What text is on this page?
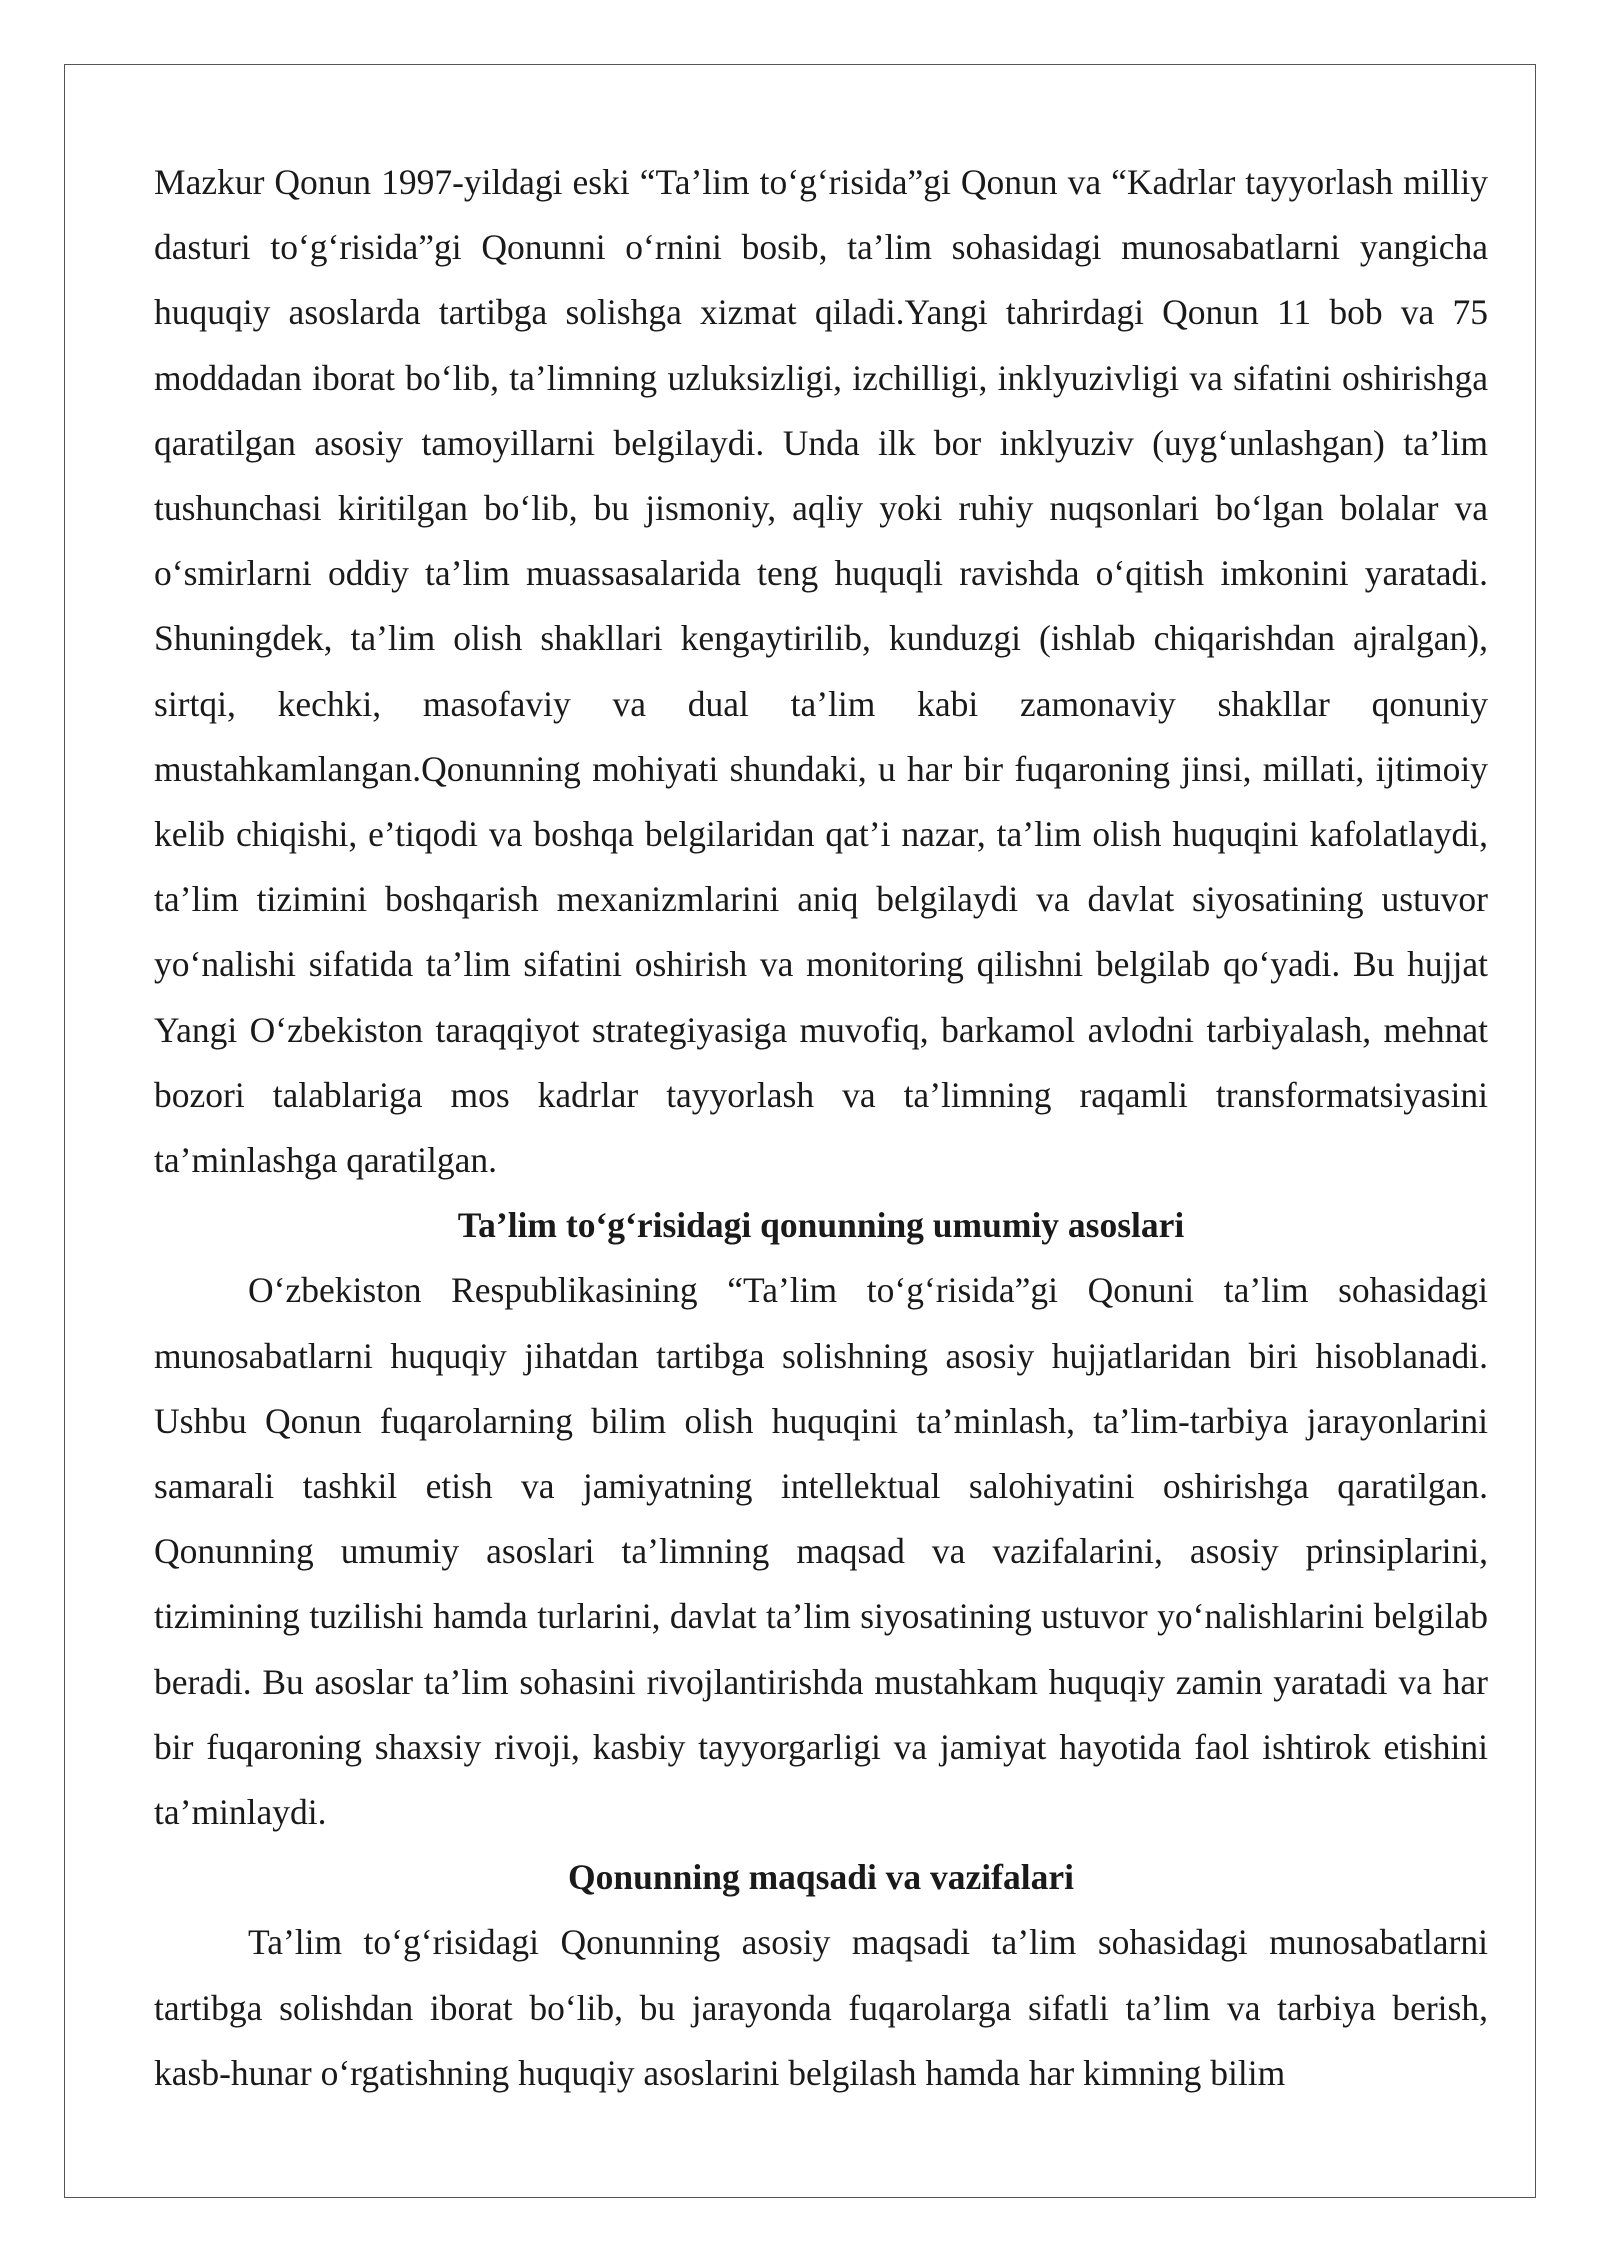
Mazkur Qonun 1997-yildagi eski “Ta’lim to‘g‘risida”gi Qonun va “Kadrlar tayyorlash milliy dasturi to‘g‘risida”gi Qonunni o‘rnini bosib, ta’lim sohasidagi munosabatlarni yangicha huquqiy asoslarda tartibga solishga xizmat qiladi.Yangi tahrirdagi Qonun 11 bob va 75 moddadan iborat bo‘lib, ta’limning uzluksizligi, izchilligi, inklyuzivligi va sifatini oshirishga qaratilgan asosiy tamoyillarni belgilaydi. Unda ilk bor inklyuziv (uyg‘unlashgan) ta’lim tushunchasi kiritilgan bo‘lib, bu jismoniy, aqliy yoki ruhiy nuqsonlari bo‘lgan bolalar va o‘smirlarni oddiy ta’lim muassasalarida teng huquqli ravishda o‘qitish imkonini yaratadi. Shuningdek, ta’lim olish shakllari kengaytirilib, kunduzgi (ishlab chiqarishdan ajralgan), sirtqi, kechki, masofaviy va dual ta’lim kabi zamonaviy shakllar qonuniy mustahkamlangan.Qonunning mohiyati shundaki, u har bir fuqaroning jinsi, millati, ijtimoiy kelib chiqishi, e’tiqodi va boshqa belgilaridan qat’i nazar, ta’lim olish huquqini kafolatlaydi, ta’lim tizimini boshqarish mexanizmlarini aniq belgilaydi va davlat siyosatining ustuvor yo‘nalishi sifatida ta’lim sifatini oshirish va monitoring qilishni belgilab qo‘yadi. Bu hujjat Yangi O‘zbekiston taraqqiyot strategiyasiga muvofiq, barkamol avlodni tarbiyalash, mehnat bozori talablariga mos kadrlar tayyorlash va ta’limning raqamli transformatsiyasini ta’minlashga qaratilgan.

Ta’lim to‘g‘risidagi qonunning umumiy asoslari

O‘zbekiston Respublikasining “Ta’lim to‘g‘risida”gi Qonuni ta’lim sohasidagi munosabatlarni huquqiy jihatdan tartibga solishning asosiy hujjatlaridan biri hisoblanadi. Ushbu Qonun fuqarolarning bilim olish huquqini ta’minlash, ta’lim-tarbiya jarayonlarini samarali tashkil etish va jamiyatning intellektual salohiyatini oshirishga qaratilgan. Qonunning umumiy asoslari ta’limning maqsad va vazifalarini, asosiy prinsiplarini, tizimining tuzilishi hamda turlarini, davlat ta’lim siyosatining ustuvor yo‘nalishlarini belgilab beradi. Bu asoslar ta’lim sohasini rivojlantirishda mustahkam huquqiy zamin yaratadi va har bir fuqaroning shaxsiy rivoji, kasbiy tayyorgarligi va jamiyat hayotida faol ishtirok etishini ta’minlaydi.

Qonunning maqsadi va vazifalari

Ta’lim to‘g‘risidagi Qonunning asosiy maqsadi ta’lim sohasidagi munosabatlarni tartibga solishdan iborat bo‘lib, bu jarayonda fuqarolarga sifatli ta’lim va tarbiya berish, kasb-hunar o‘rgatishning huquqiy asoslarini belgilash hamda har kimning bilim
